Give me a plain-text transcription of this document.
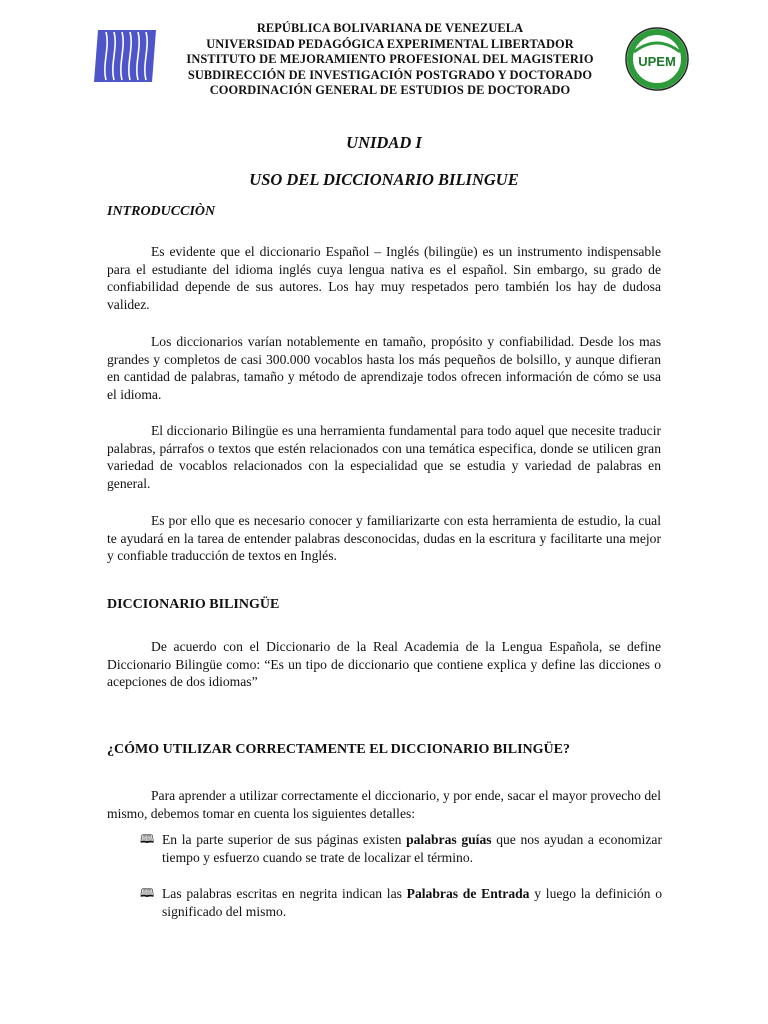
REPÚBLICA BOLIVARIANA DE VENEZUELA
UNIVERSIDAD PEDAGÓGICA EXPERIMENTAL LIBERTADOR
INSTITUTO DE MEJORAMIENTO PROFESIONAL DEL MAGISTERIO
SUBDIRECCIÓN DE INVESTIGACIÓN POSTGRADO Y DOCTORADO
COORDINACIÓN GENERAL DE ESTUDIOS DE DOCTORADO
UPEM
UNIDAD I
USO DEL DICCIONARIO BILINGUE
INTRODUCCIÒN
Es evidente que el diccionario Español – Inglés (bilingüe) es un instrumento indispensable para el estudiante del idioma inglés cuya lengua nativa es el español. Sin embargo, su grado de confiabilidad depende de sus autores. Los hay muy respetados pero también los hay de dudosa validez.
Los diccionarios varían notablemente en tamaño, propósito y confiabilidad. Desde los mas grandes y completos de casi 300.000 vocablos hasta los más pequeños de bolsillo, y aunque difieran en cantidad de palabras, tamaño y método de aprendizaje todos ofrecen información de cómo se usa el idioma.
El diccionario Bilingüe es una herramienta fundamental para todo aquel que necesite traducir palabras, párrafos o textos que estén relacionados con una temática especifica, donde se utilicen gran variedad de vocablos relacionados con la especialidad que se estudia y variedad de palabras en general.
Es por ello que es necesario conocer y familiarizarte con esta herramienta de estudio, la cual te ayudará en la tarea de entender palabras desconocidas, dudas en la escritura y facilitarte una mejor y confiable traducción de textos en Inglés.
DICCIONARIO BILINGÜE
De acuerdo con el Diccionario de la Real Academia de la Lengua Española, se define Diccionario Bilingüe como: “Es un tipo de diccionario que contiene explica y define las dicciones o acepciones de dos idiomas”
¿CÓMO UTILIZAR CORRECTAMENTE EL DICCIONARIO BILINGÜE?
Para aprender a utilizar correctamente el diccionario, y por ende, sacar el mayor provecho del mismo, debemos tomar en cuenta los siguientes detalles:
🕮 En la parte superior de sus páginas existen palabras guías que nos ayudan a economizar tiempo y esfuerzo cuando se trate de localizar el término.
🕮 Las palabras escritas en negrita indican las Palabras de Entrada y luego la definición o significado del mismo.
